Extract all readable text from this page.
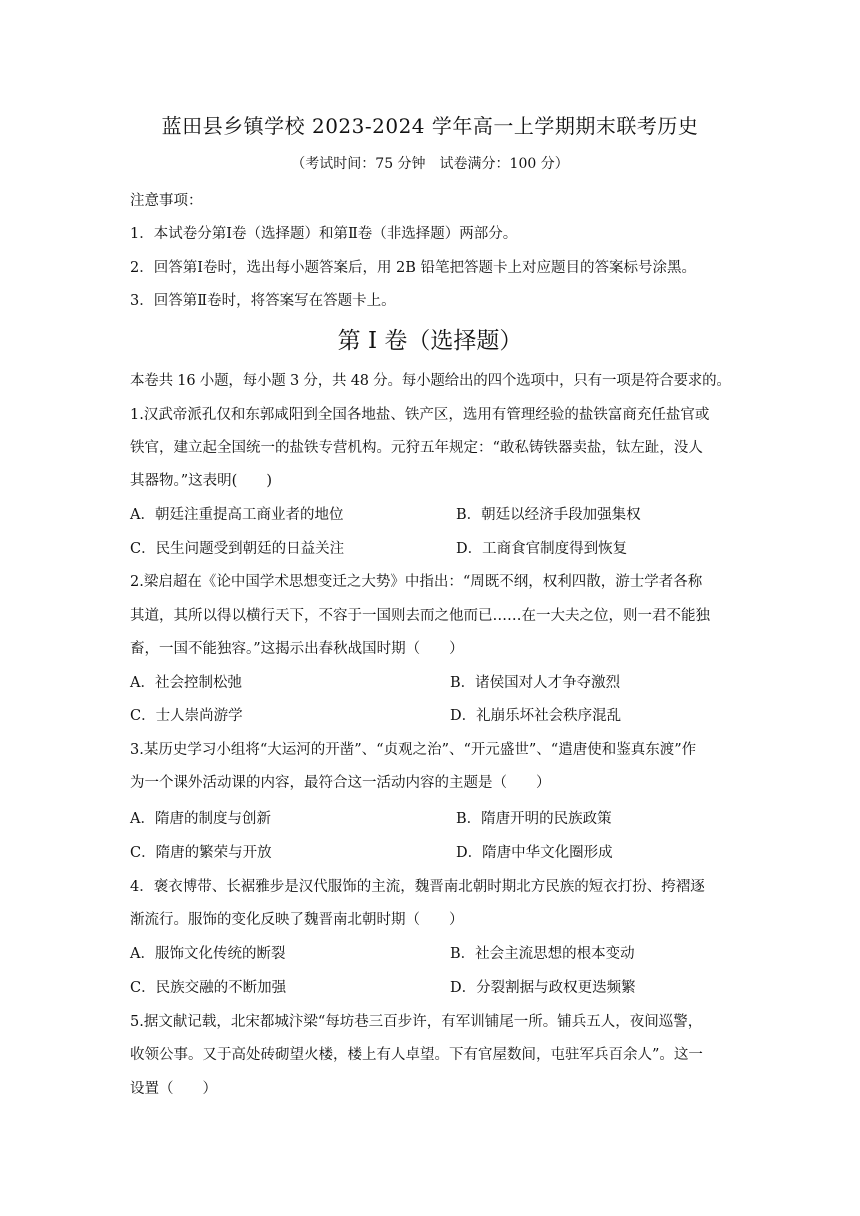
蓝田县乡镇学校 2023-2024 学年高一上学期期末联考历史
（考试时间：75 分钟　试卷满分：100 分）
注意事项：
1．本试卷分第Ⅰ卷（选择题）和第Ⅱ卷（非选择题）两部分。
2．回答第Ⅰ卷时，选出每小题答案后，用 2B 铅笔把答题卡上对应题目的答案标号涂黑。
3．回答第Ⅱ卷时，将答案写在答题卡上。
第 I 卷（选择题）
本卷共 16 小题，每小题 3 分，共 48 分。每小题给出的四个选项中，只有一项是符合要求的。
1.汉武帝派孔仅和东郭咸阳到全国各地盐、铁产区，选用有管理经验的盐铁富商充任盐官或
铁官，建立起全国统一的盐铁专营机构。元狩五年规定：“敢私铸铁器卖盐，钛左趾，没人
其器物。”这表明(　　)
A．朝廷注重提高工商业者的地位	B．朝廷以经济手段加强集权
C．民生问题受到朝廷的日益关注	D．工商食官制度得到恢复
2.梁启超在《论中国学术思想变迁之大势》中指出：“周既不纲，权利四散，游士学者各称
其道，其所以得以横行天下，不容于一国则去而之他而已……在一大夫之位，则一君不能独
畜，一国不能独容。”这揭示出春秋战国时期（　　）
A．社会控制松弛	B．诸侯国对人才争夺激烈
C．士人崇尚游学	D．礼崩乐坏社会秩序混乱
3.某历史学习小组将“大运河的开凿”、“贞观之治”、“开元盛世”、“遣唐使和鉴真东渡”作
为一个课外活动课的内容，最符合这一活动内容的主题是（　　）
A．隋唐的制度与创新	B．隋唐开明的民族政策
C．隋唐的繁荣与开放	D．隋唐中华文化圈形成
4．褒衣博带、长裾雅步是汉代服饰的主流，魏晋南北朝时期北方民族的短衣打扮、挎褶逐
渐流行。服饰的变化反映了魏晋南北朝时期（　　）
A．服饰文化传统的断裂	B．社会主流思想的根本变动
C．民族交融的不断加强	D．分裂割据与政权更迭频繁
5.据文献记载，北宋都城汴梁“每坊巷三百步许，有军训铺尾一所。铺兵五人，夜间巡警，
收领公事。又于高处砖砌望火楼，楼上有人卓望。下有官屋数间，屯驻军兵百余人”。这一
设置（　　）
